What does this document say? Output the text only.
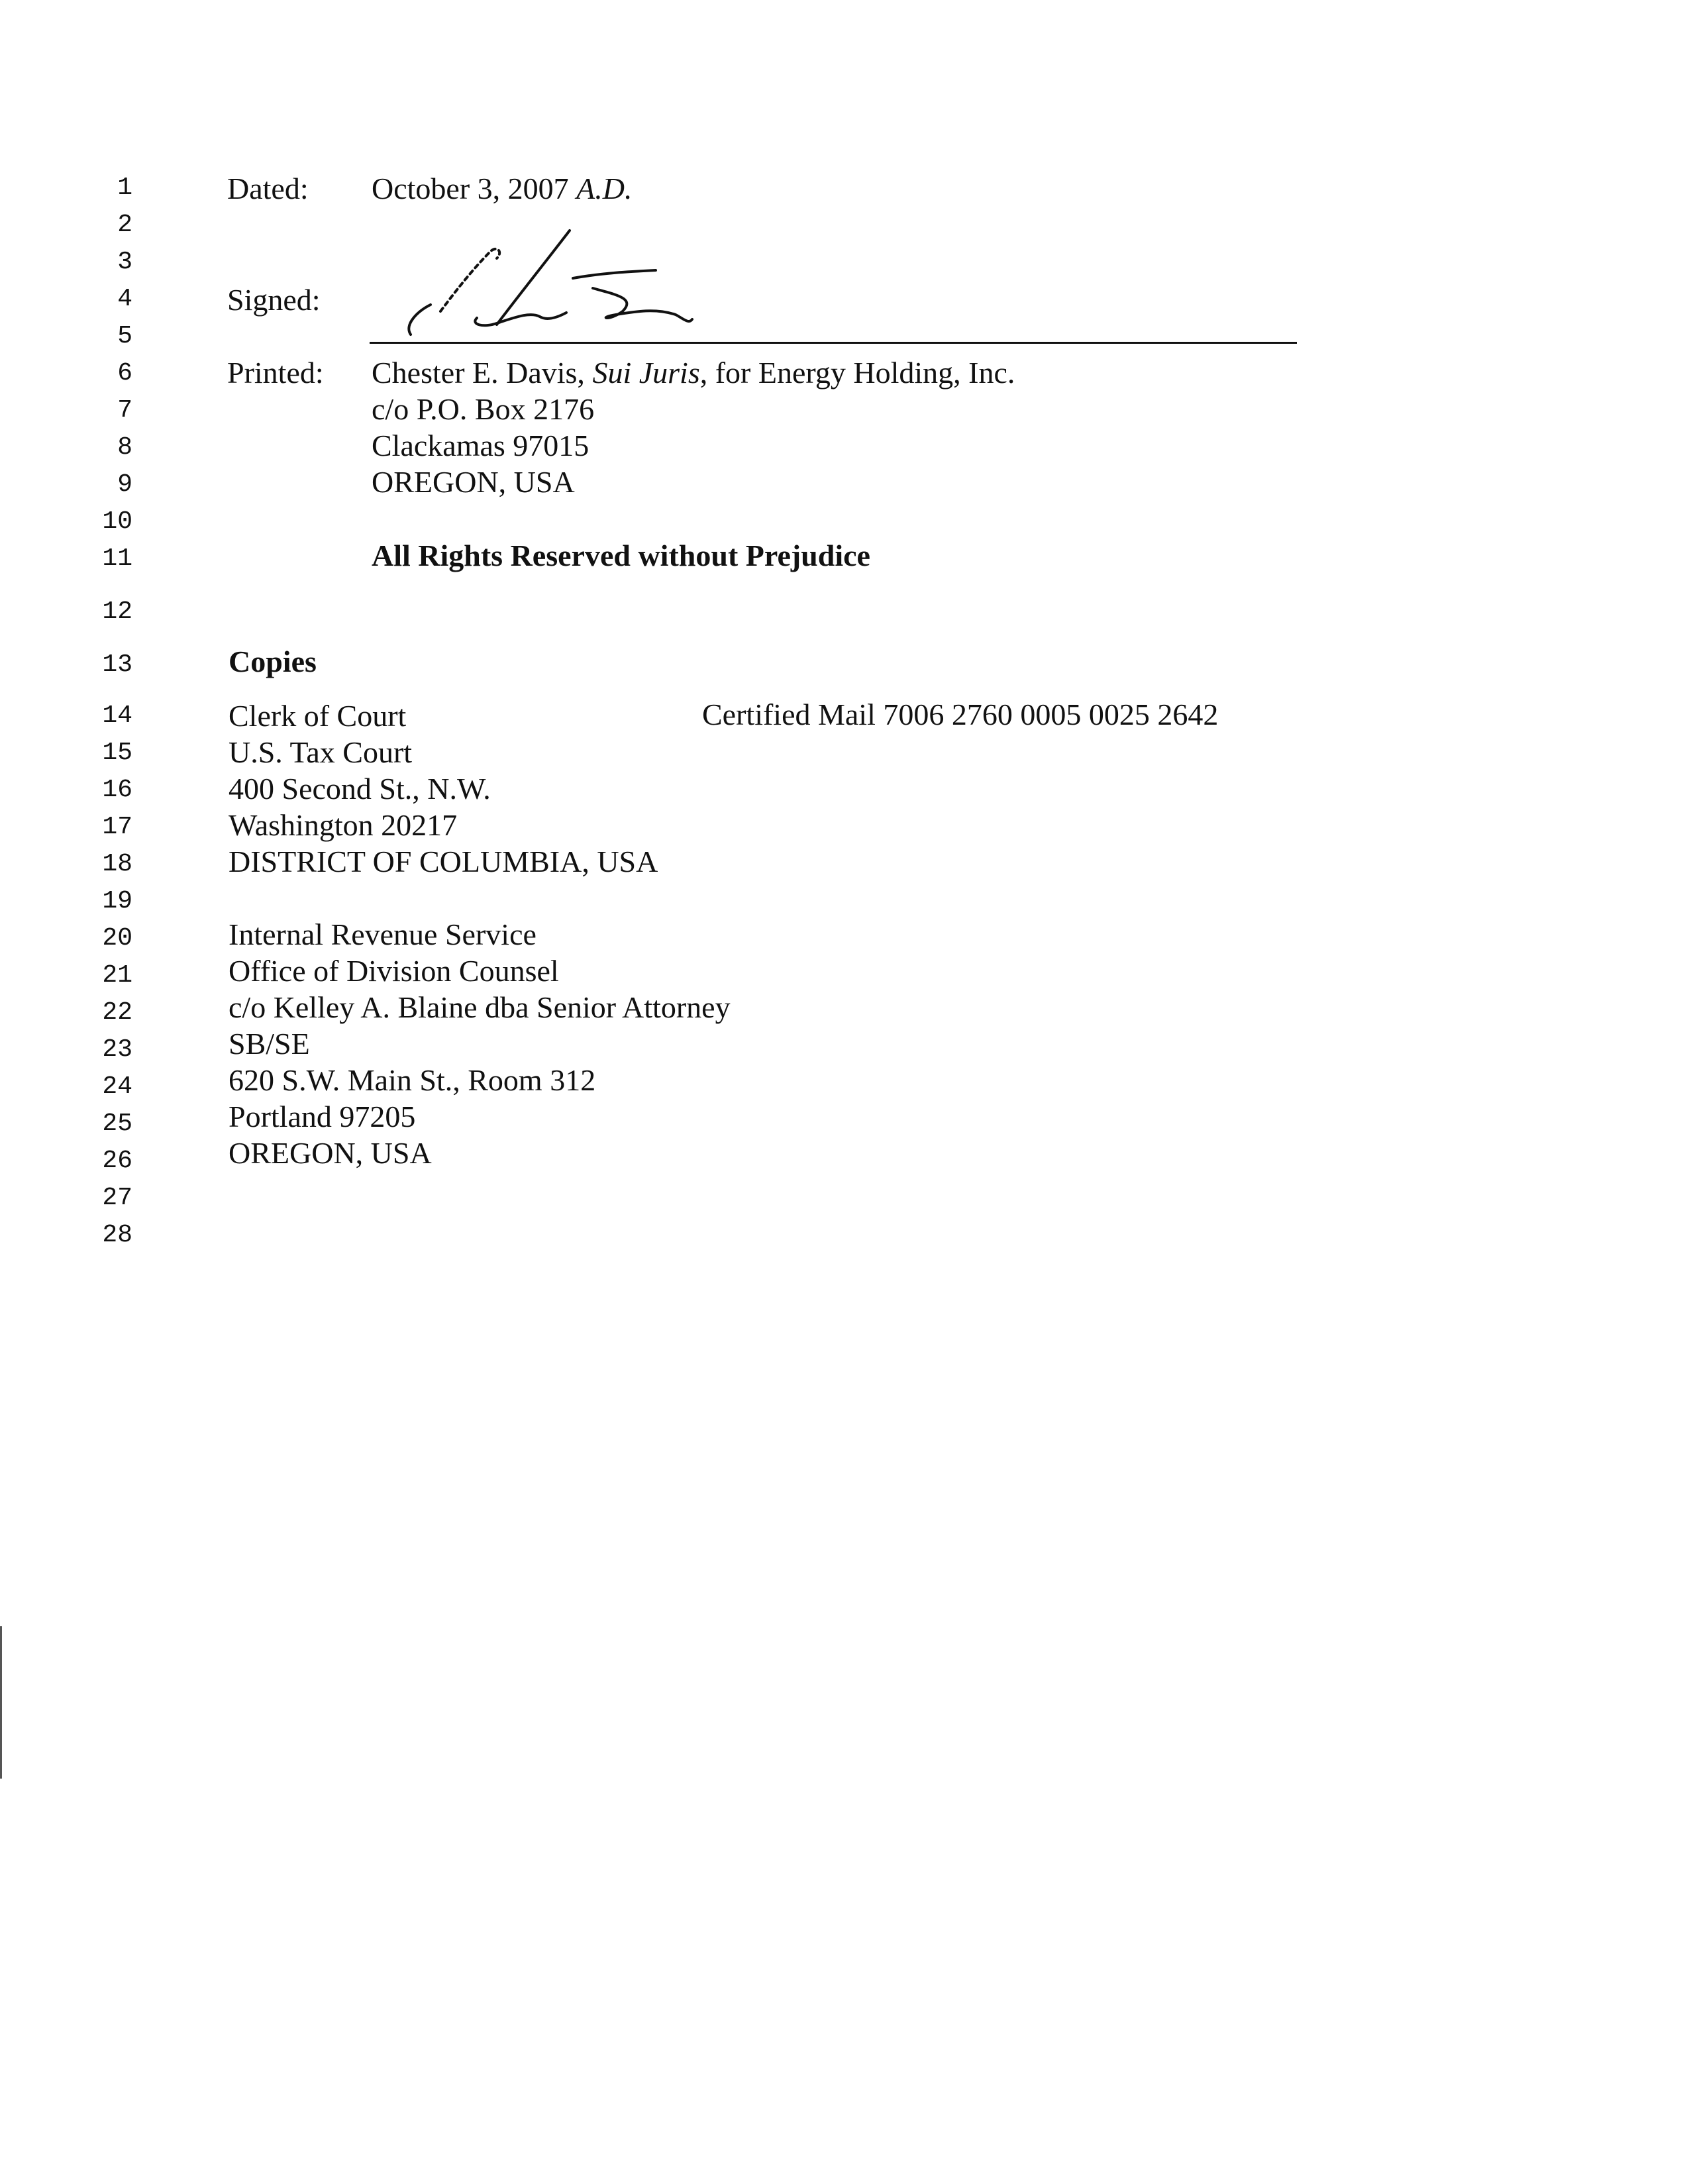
1
2
3
4
5
6
7
8
9
10
11
12
13
14
15
16
17
18
19
20
21
22
23
24
25
26
27
28
Dated: October 3, 2007 A.D.
Signed:
Printed: Chester E. Davis, Sui Juris, for Energy Holding, Inc.
c/o P.O. Box 2176
Clackamas 97015
OREGON, USA
All Rights Reserved without Prejudice
Copies
Clerk of Court	Certified Mail 7006 2760 0005 0025 2642
U.S. Tax Court
400 Second St., N.W.
Washington 20217
DISTRICT OF COLUMBIA, USA
Internal Revenue Service
Office of Division Counsel
c/o Kelley A. Blaine dba Senior Attorney
SB/SE
620 S.W. Main St., Room 312
Portland 97205
OREGON, USA
